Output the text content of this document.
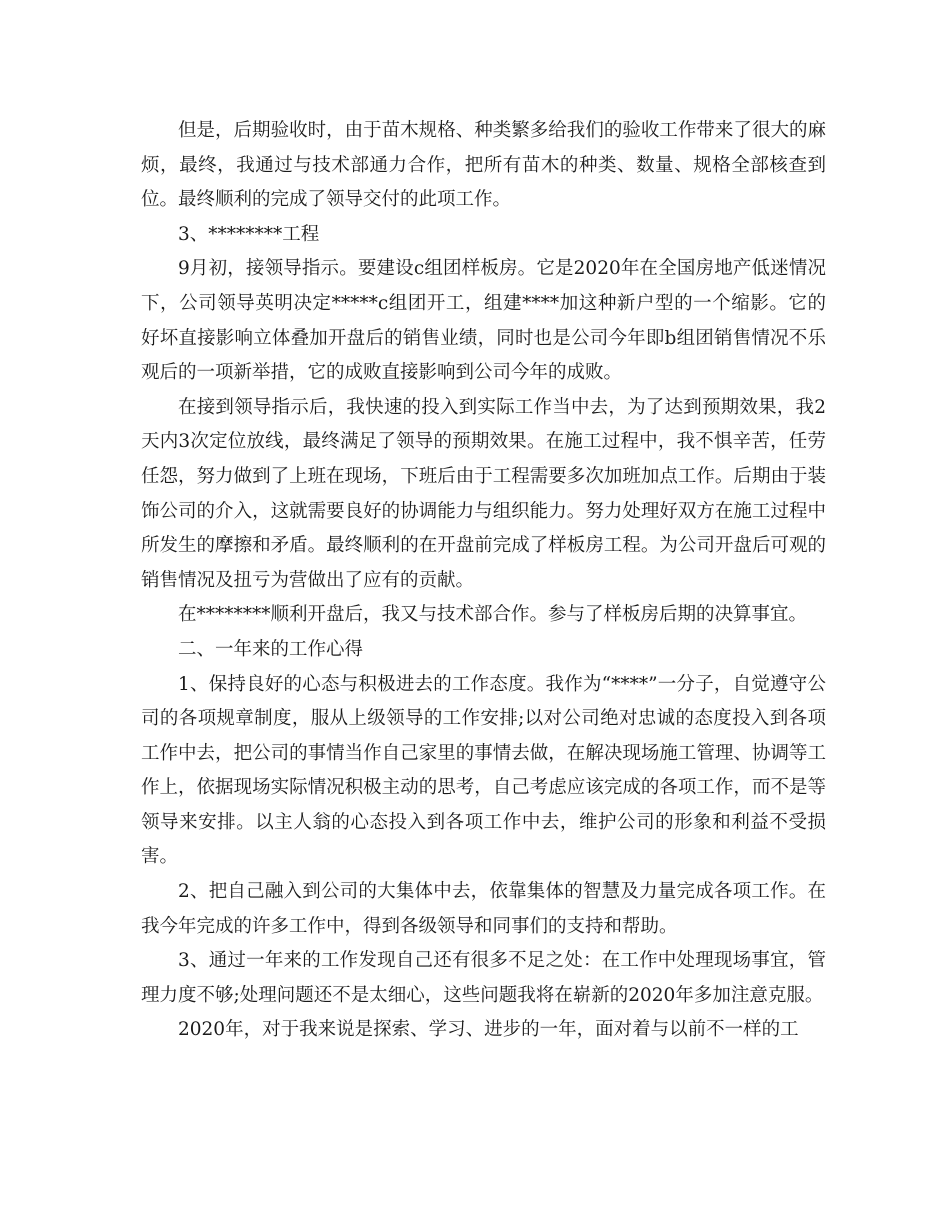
但是，后期验收时，由于苗木规格、种类繁多给我们的验收工作带来了很大的麻烦，最终，我通过与技术部通力合作，把所有苗木的种类、数量、规格全部核查到位。最终顺利的完成了领导交付的此项工作。

3、********工程

9月初，接领导指示。要建设c组团样板房。它是2020年在全国房地产低迷情况下，公司领导英明决定*****c组团开工，组建****加这种新户型的一个缩影。它的好坏直接影响立体叠加开盘后的销售业绩，同时也是公司今年即b组团销售情况不乐观后的一项新举措，它的成败直接影响到公司今年的成败。

在接到领导指示后，我快速的投入到实际工作当中去，为了达到预期效果，我2天内3次定位放线，最终满足了领导的预期效果。在施工过程中，我不惧辛苦，任劳任怨，努力做到了上班在现场，下班后由于工程需要多次加班加点工作。后期由于装饰公司的介入，这就需要良好的协调能力与组织能力。努力处理好双方在施工过程中所发生的摩擦和矛盾。最终顺利的在开盘前完成了样板房工程。为公司开盘后可观的销售情况及扭亏为营做出了应有的贡献。

在********顺利开盘后，我又与技术部合作。参与了样板房后期的决算事宜。

二、一年来的工作心得

1、保持良好的心态与积极进去的工作态度。我作为“****”一分子，自觉遵守公司的各项规章制度，服从上级领导的工作安排;以对公司绝对忠诚的态度投入到各项工作中去，把公司的事情当作自己家里的事情去做，在解决现场施工管理、协调等工作上，依据现场实际情况积极主动的思考，自己考虑应该完成的各项工作，而不是等领导来安排。以主人翁的心态投入到各项工作中去，维护公司的形象和利益不受损害。

2、把自己融入到公司的大集体中去，依靠集体的智慧及力量完成各项工作。在我今年完成的许多工作中，得到各级领导和同事们的支持和帮助。

3、通过一年来的工作发现自己还有很多不足之处：在工作中处理现场事宜，管理力度不够;处理问题还不是太细心，这些问题我将在崭新的2020年多加注意克服。

2020年，对于我来说是探索、学习、进步的一年，面对着与以前不一样的工
